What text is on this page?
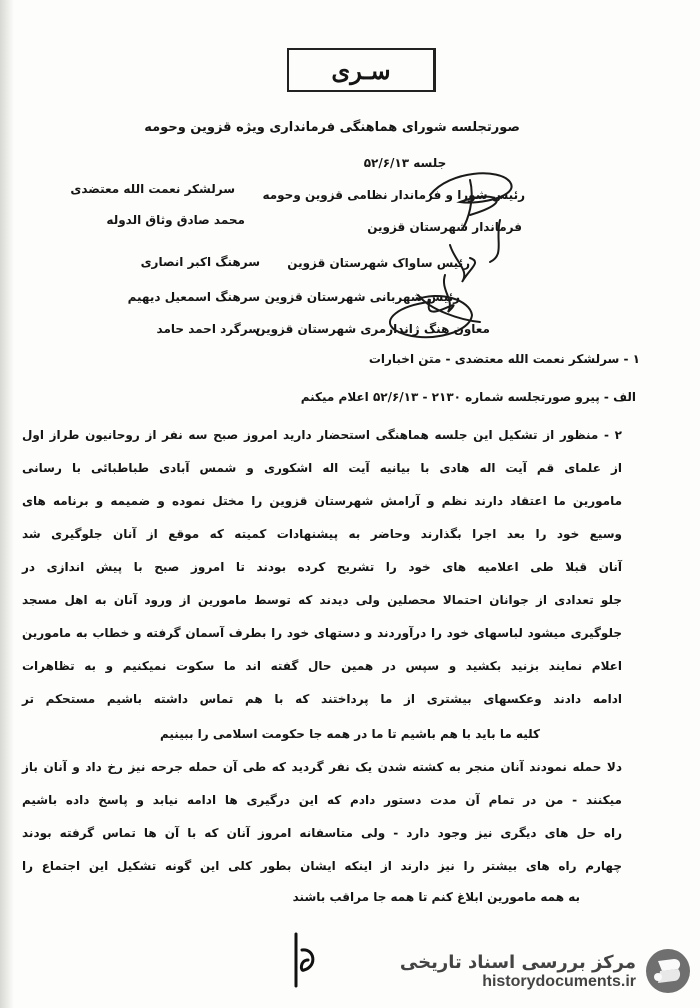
سـری
صورتجلسه شورای هماهنگی فرمانداری ویژه قزوین وحومه
جلسه ۵۲/۶/۱۳
سرلشکر نعمت الله معتضدی رئیس شورا و فرماندار نظامی قزوین وحومه
محمد صادق وثاق الدوله	فرماندار شهرستان قزوین
سرهنگ اکبر انصاری رئیس ساواک شهرستان قزوین
سرهنگ اسمعیل دیهیم رئیس شهربانی شهرستان قزوین
سرگرد احمد حامد
معاون هنگ ژاندارمری شهرستان قزوین
۱ - سرلشکر نعمت الله معتضدی - متن اخبارات
الف - پیرو صورتجلسه شماره ۲۱۳۰ - ۵۲/۶/۱۳ اعلام میکنم
۲ - منظور از تشکیل این جلسه هماهنگی استحضار دارید امروز صبح سه نفر از روحانیون طراز اول
از علمای قم آیت اله هادی با بیانیه آیت اله اشکوری و شمس آبادی طباطبائی با رسانی
مامورین ما اعتقاد دارند نظم و آرامش شهرستان قزوین را مختل نموده و ضمیمه و برنامه های
وسیع خود را بعد اجرا بگذارند وحاضر به پیشنهادات کمیته که موقع از آنان جلوگیری شد
آنان قبلا طی اعلامیه های خود را تشریح کرده بودند تا امروز صبح با پیش اندازی در
جلو تعدادی از جوانان احتمالا محصلین ولی دیدند که توسط مامورین از ورود آنان به اهل مسجد
جلوگیری میشود لباسهای خود را درآوردند و دستهای خود را بطرف آسمان گرفته و خطاب به مامورین
اعلام نمایند بزنید بکشید و سپس در همین حال گفته اند ما سکوت نمیکنیم و به تظاهرات
ادامه دادند وعکسهای بیشتری از ما پرداختند که با هم تماس داشته باشیم مستحکم تر
کلیه ما باید با هم باشیم تا ما در همه جا حکومت اسلامی را ببینیم
دلا حمله نمودند آنان منجر به کشته شدن یک نفر گردید که طی آن حمله جرحه نیز رخ داد و آنان باز
میکنند - من در تمام آن مدت دستور دادم که این درگیری ها ادامه نیابد و پاسخ داده باشیم
راه حل های دیگری نیز وجود دارد - ولی متاسفانه امروز آنان که با آن ها تماس گرفته بودند
چهارم راه های بیشتر را نیز دارند از اینکه ایشان بطور کلی این گونه تشکیل این اجتماع را
به همه مامورین ابلاغ کنم تا همه جا مراقب باشند
مرکز بررسی اسناد تاریخی
historydocuments.ir
